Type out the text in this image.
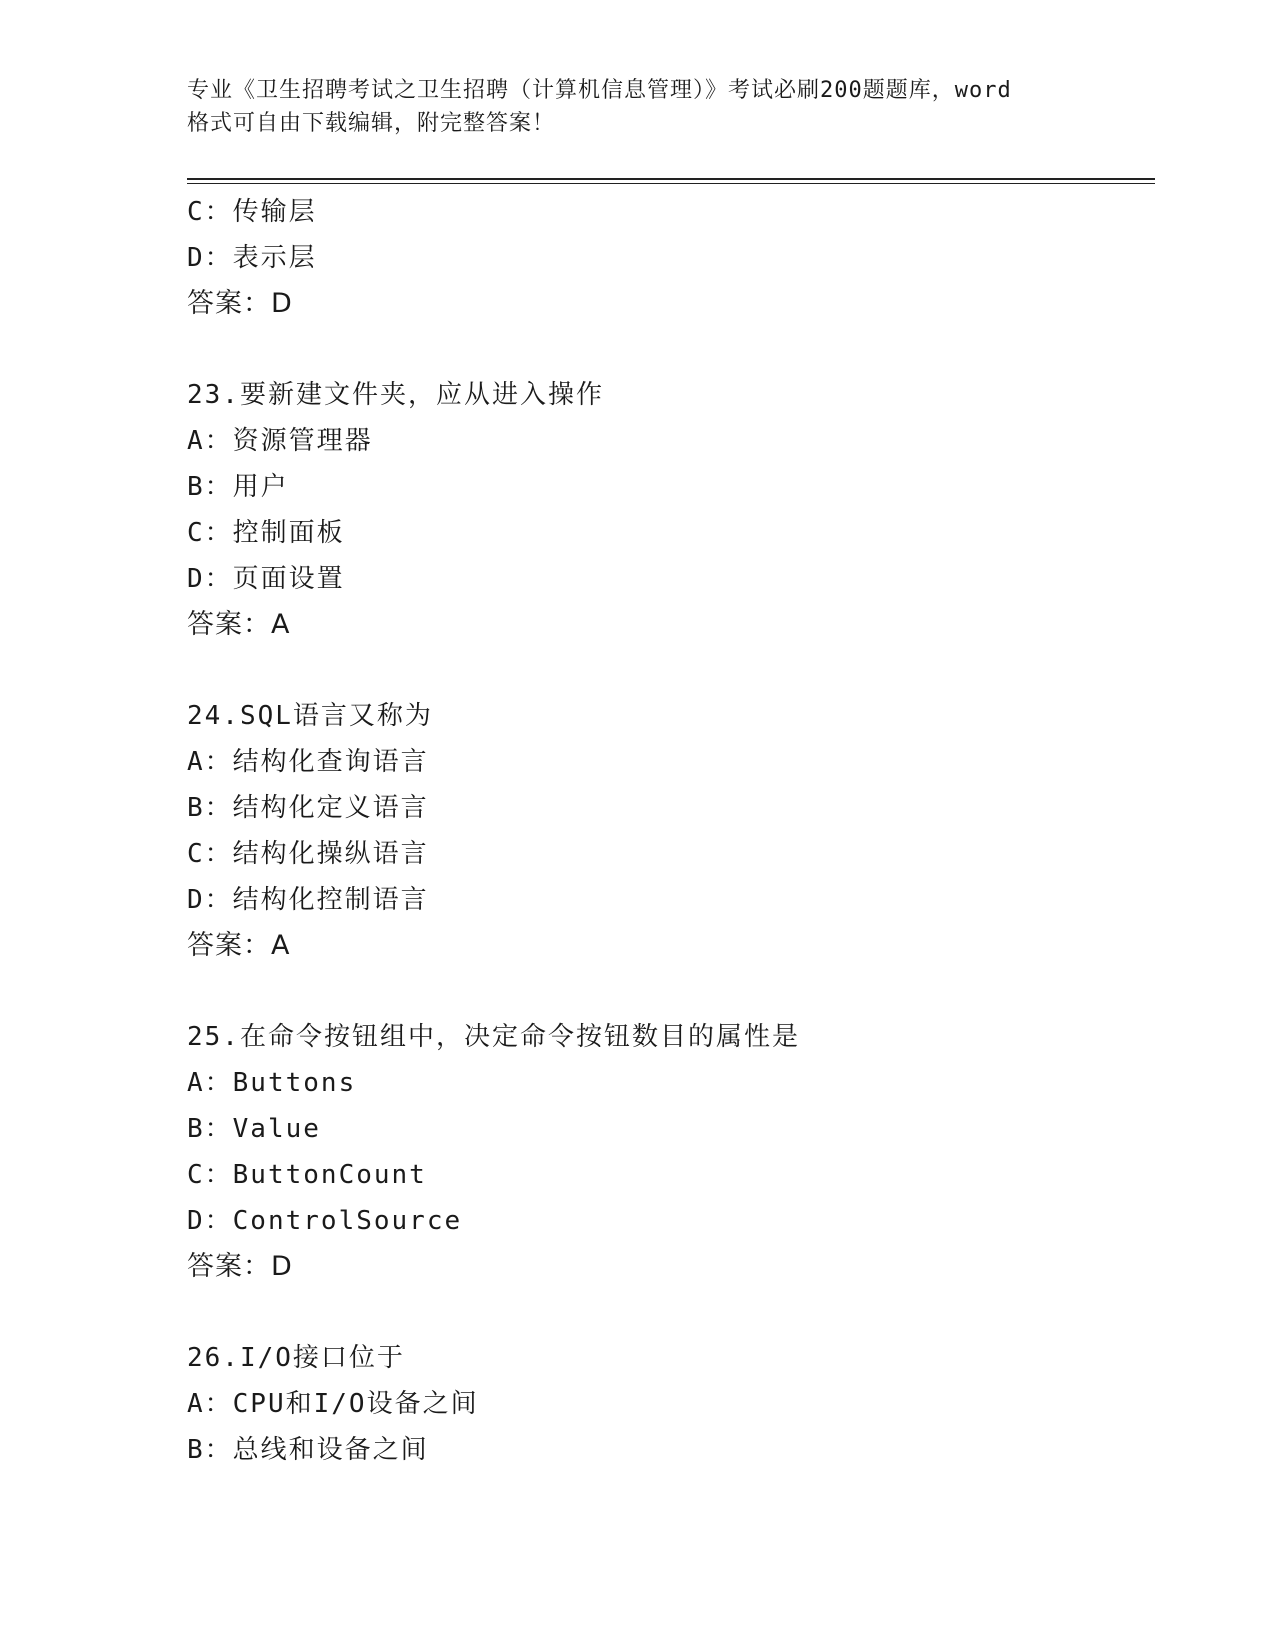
专业《卫生招聘考试之卫生招聘（计算机信息管理）》考试必刷200题题库，word
格式可自由下载编辑，附完整答案！
C：传输层
D：表示层
答案：D
23.要新建文件夹，应从进入操作
A：资源管理器
B：用户
C：控制面板
D：页面设置
答案：A
24.SQL语言又称为
A：结构化查询语言
B：结构化定义语言
C：结构化操纵语言
D：结构化控制语言
答案：A
25.在命令按钮组中，决定命令按钮数目的属性是
A：Buttons
B：Value
C：ButtonCount
D：ControlSource
答案：D
26.I/O接口位于
A：CPU和I/O设备之间
B：总线和设备之间
